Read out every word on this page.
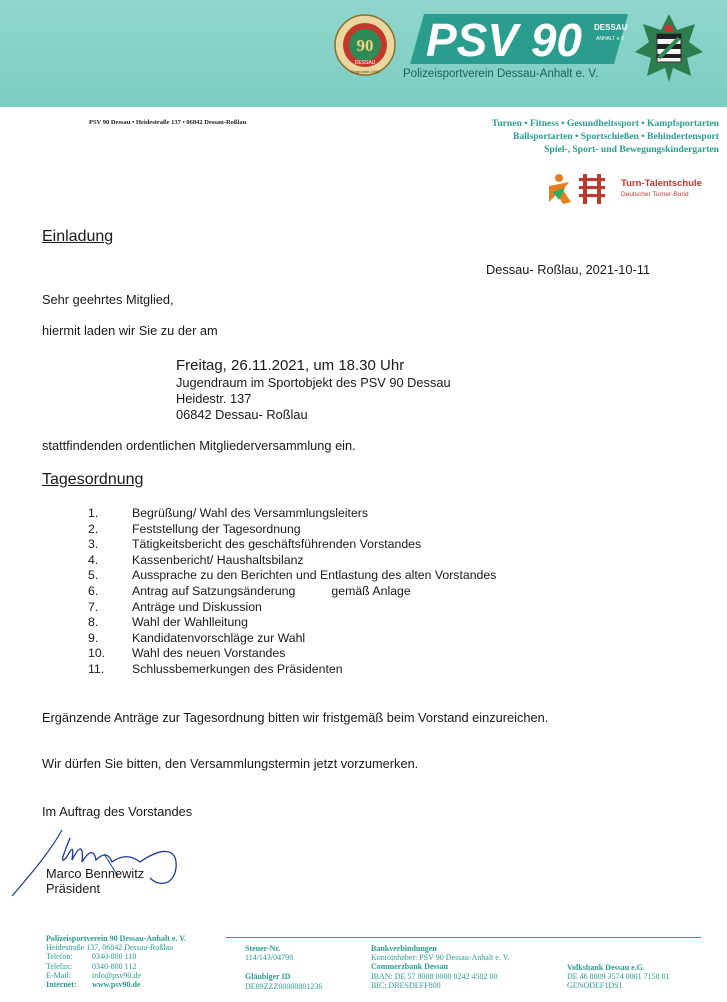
90
DESSAU
Gegründet 1990
PSV 90 DESSAU
ANHALT e.V.
Polizeisportverein Dessau-Anhalt e. V.
PSV 90 Dessau • Heidestraße 137 • 06842 Dessau-Roßlau	Turnen • Fitness • Gesundheitssport • Kampfsportarten
Ballsportarten • Sportschießen • Behindertensport
Spiel-, Sport- und Bewegungskindergarten
Turn-Talentschule
Deutscher Turner-Bund
Einladung
Dessau- Roßlau, 2021-10-11
Sehr geehrtes Mitglied,
hiermit laden wir Sie zu der am
Freitag, 26.11.2021, um 18.30 Uhr
Jugendraum im Sportobjekt des PSV 90 Dessau
Heidestr. 137
06842 Dessau- Roßlau
stattfindenden ordentlichen Mitgliederversammlung ein.
Tagesordnung
1.	Begrüßung/ Wahl des Versammlungsleiters
2.	Feststellung der Tagesordnung
3.	Tätigkeitsbericht des geschäftsführenden Vorstandes
4.	Kassenbericht/ Haushaltsbilanz
5.	Aussprache zu den Berichten und Entlastung des alten Vorstandes
6.	Antrag auf Satzungsänderung	gemäß Anlage
7.	Anträge und Diskussion
8.	Wahl der Wahlleitung
9.	Kandidatenvorschläge zur Wahl
10.	Wahl des neuen Vorstandes
11.	Schlussbemerkungen des Präsidenten
Ergänzende Anträge zur Tagesordnung bitten wir fristgemäß beim Vorstand einzureichen.
Wir dürfen Sie bitten, den Versammlungstermin jetzt vorzumerken.
Im Auftrag des Vorstandes
Marco Bennewitz
Präsident
Polizeisportverein 90 Dessau-Anhalt e. V.
Heidestraße 137, 06842 Dessau-Roßlau
Telefon:	0340-800 110
Telefax:	0340-800 112
E-Mail:	info@psv90.de
Internet:	www.psv90.de
Steuer-Nr.
114/143/04798
Gläubiger ID
DE89ZZZ00000801236
Bankverbindungen
Kontoinhaber: PSV 90 Dessau-Anhalt e. V.
Commerzbank Dessau
IBAN: DE 57 8008 0000 0242 4502 00
BIC: DRESDEFF800
Volksbank Dessau e.G.
DE 46 8009 3574 0001 7158 01
GENODEF1DS1
